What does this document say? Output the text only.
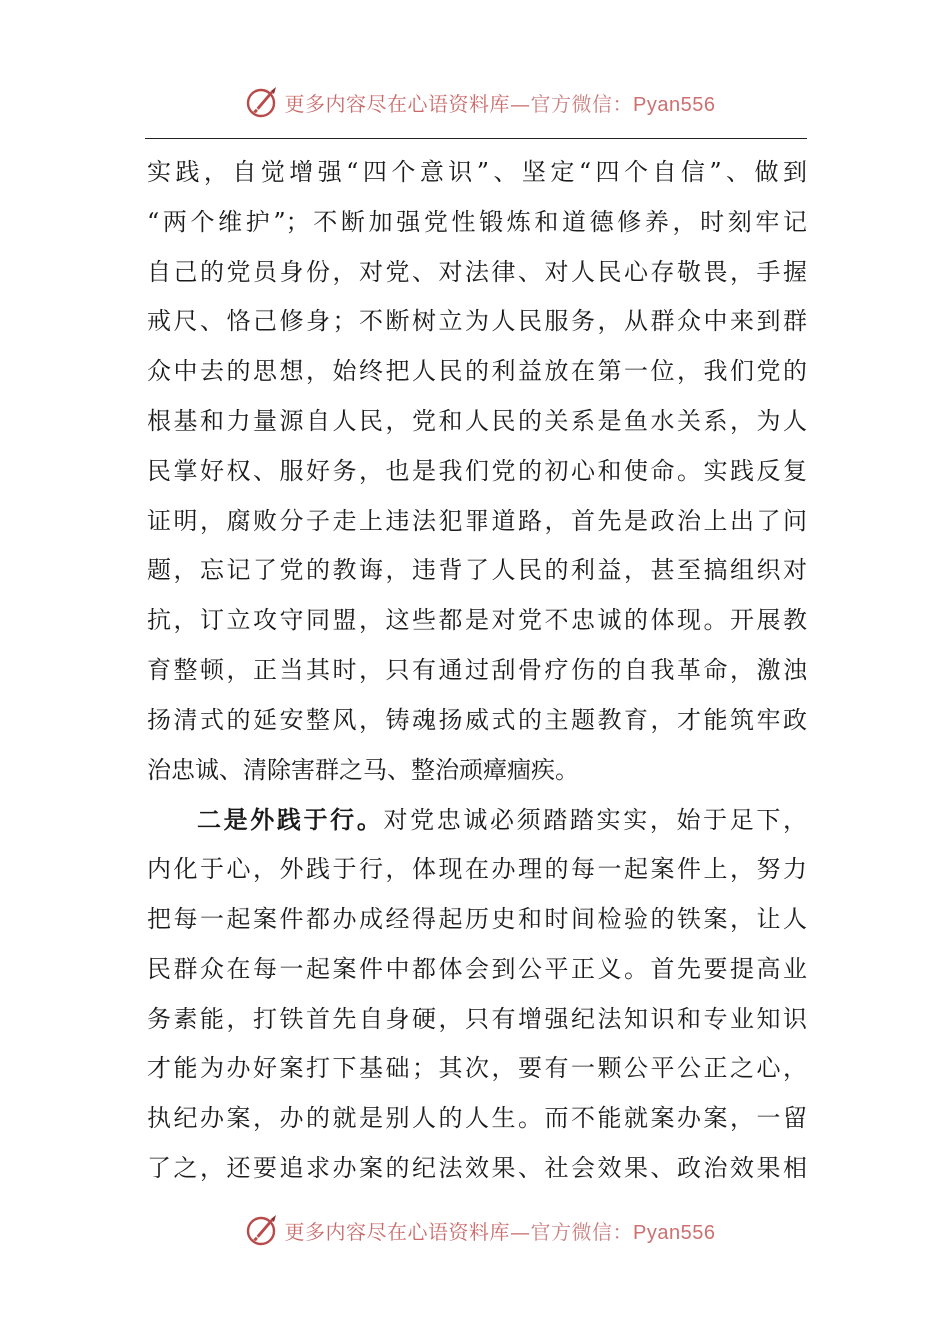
更多内容尽在心语资料库—官方微信：Pyan556
实践，自觉增强“四个意识”、坚定“四个自信”、做到
“两个维护”；不断加强党性锻炼和道德修养，时刻牢记
自己的党员身份，对党、对法律、对人民心存敬畏，手握
戒尺、恪己修身；不断树立为人民服务，从群众中来到群
众中去的思想，始终把人民的利益放在第一位，我们党的
根基和力量源自人民，党和人民的关系是鱼水关系，为人
民掌好权、服好务，也是我们党的初心和使命。实践反复
证明，腐败分子走上违法犯罪道路，首先是政治上出了问
题，忘记了党的教诲，违背了人民的利益，甚至搞组织对
抗，订立攻守同盟，这些都是对党不忠诚的体现。开展教
育整顿，正当其时，只有通过刮骨疗伤的自我革命，激浊
扬清式的延安整风，铸魂扬威式的主题教育，才能筑牢政
治忠诚、清除害群之马、整治顽瘴痼疾。
二是外践于行。对党忠诚必须踏踏实实，始于足下，
内化于心，外践于行，体现在办理的每一起案件上，努力
把每一起案件都办成经得起历史和时间检验的铁案，让人
民群众在每一起案件中都体会到公平正义。首先要提高业
务素能，打铁首先自身硬，只有增强纪法知识和专业知识
才能为办好案打下基础；其次，要有一颗公平公正之心，
执纪办案，办的就是别人的人生。而不能就案办案，一留
了之，还要追求办案的纪法效果、社会效果、政治效果相
更多内容尽在心语资料库—官方微信：Pyan556
